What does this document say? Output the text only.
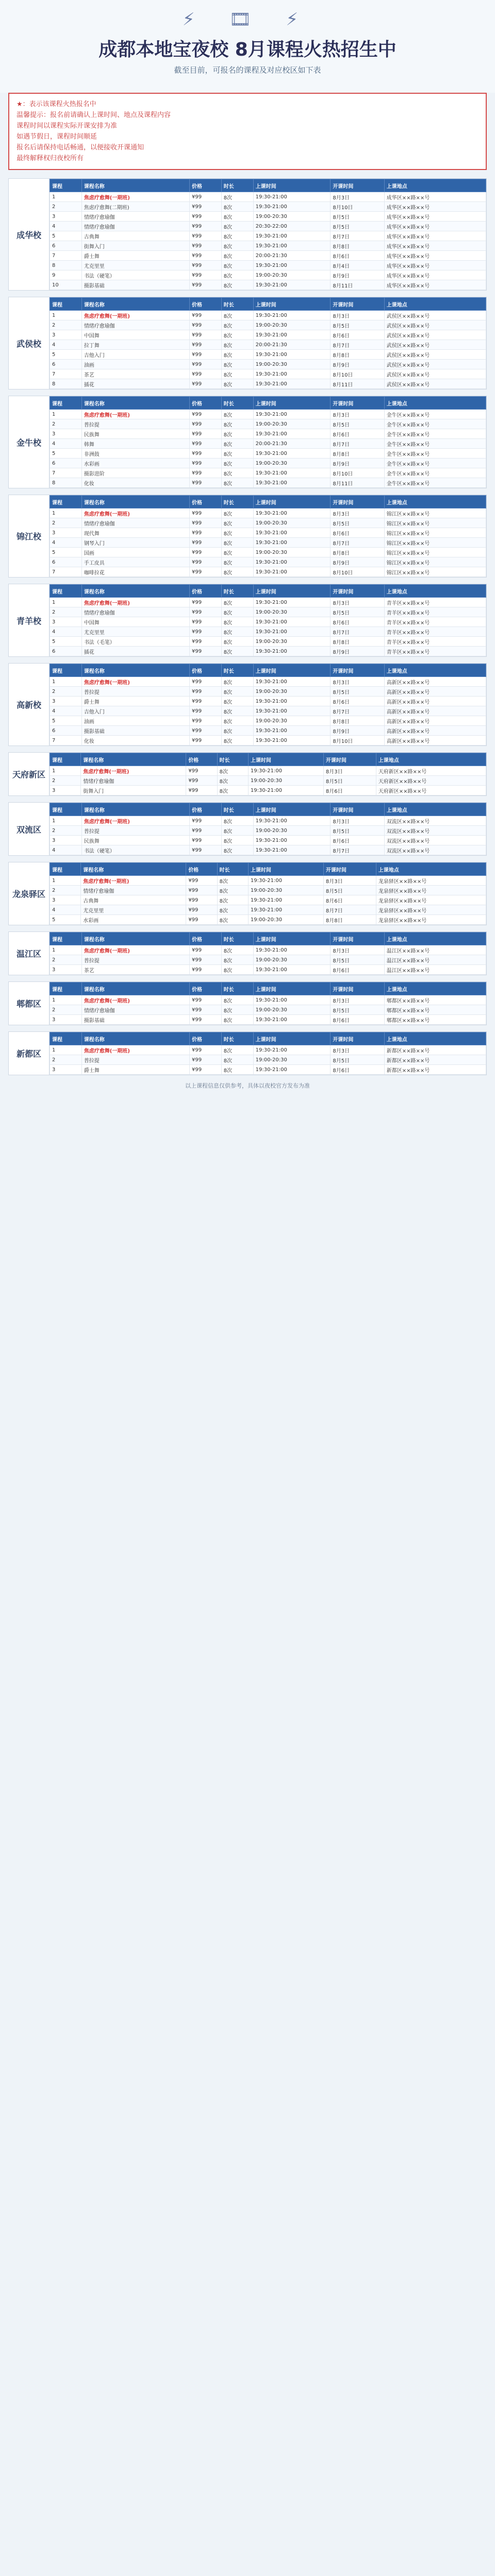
⚡ 🎞 ⚡
成都本地宝夜校 8月课程火热招生中
截至目前，可报名的课程及对应校区如下表
★：表示该课程火热报名中
温馨提示：报名前请确认上课时间、地点及课程内容
课程时间以课程实际开课安排为准
如遇节假日，课程时间顺延
报名后请保持电话畅通，以便接收开课通知
最终解释权归夜校所有
成华校
课程	课程名称	价格	时长	上课时间	开课时间	上课地点
1	焦虑疗愈舞(一期班)	¥99	8次	19:30-21:00	8月3日	成华区××路××号
2	焦虑疗愈舞(二期班)	¥99	8次	19:30-21:00	8月10日	成华区××路××号
3	情绪疗愈瑜伽	¥99	8次	19:00-20:30	8月5日	成华区××路××号
4	情绪疗愈瑜伽	¥99	8次	20:30-22:00	8月5日	成华区××路××号
5	古典舞	¥99	8次	19:30-21:00	8月7日	成华区××路××号
6	街舞入门	¥99	8次	19:30-21:00	8月8日	成华区××路××号
7	爵士舞	¥99	8次	20:00-21:30	8月6日	成华区××路××号
8	尤克里里	¥99	8次	19:30-21:00	8月4日	成华区××路××号
9	书法（硬笔）	¥99	8次	19:00-20:30	8月9日	成华区××路××号
10	摄影基础	¥99	8次	19:30-21:00	8月11日	成华区××路××号
武侯校
课程	课程名称	价格	时长	上课时间	开课时间	上课地点
1	焦虑疗愈舞(一期班)	¥99	8次	19:30-21:00	8月3日	武侯区××路××号
2	情绪疗愈瑜伽	¥99	8次	19:00-20:30	8月5日	武侯区××路××号
3	中国舞	¥99	8次	19:30-21:00	8月6日	武侯区××路××号
4	拉丁舞	¥99	8次	20:00-21:30	8月7日	武侯区××路××号
5	吉他入门	¥99	8次	19:30-21:00	8月8日	武侯区××路××号
6	油画	¥99	8次	19:00-20:30	8月9日	武侯区××路××号
7	茶艺	¥99	8次	19:30-21:00	8月10日	武侯区××路××号
8	插花	¥99	8次	19:30-21:00	8月11日	武侯区××路××号
金牛校
课程	课程名称	价格	时长	上课时间	开课时间	上课地点
1	焦虑疗愈舞(一期班)	¥99	8次	19:30-21:00	8月3日	金牛区××路××号
2	普拉提	¥99	8次	19:00-20:30	8月5日	金牛区××路××号
3	民族舞	¥99	8次	19:30-21:00	8月6日	金牛区××路××号
4	韩舞	¥99	8次	20:00-21:30	8月7日	金牛区××路××号
5	非洲鼓	¥99	8次	19:30-21:00	8月8日	金牛区××路××号
6	水彩画	¥99	8次	19:00-20:30	8月9日	金牛区××路××号
7	摄影进阶	¥99	8次	19:30-21:00	8月10日	金牛区××路××号
8	化妆	¥99	8次	19:30-21:00	8月11日	金牛区××路××号
锦江校
课程	课程名称	价格	时长	上课时间	开课时间	上课地点
1	焦虑疗愈舞(一期班)	¥99	8次	19:30-21:00	8月3日	锦江区××路××号
2	情绪疗愈瑜伽	¥99	8次	19:00-20:30	8月5日	锦江区××路××号
3	现代舞	¥99	8次	19:30-21:00	8月6日	锦江区××路××号
4	钢琴入门	¥99	8次	19:30-21:00	8月7日	锦江区××路××号
5	国画	¥99	8次	19:00-20:30	8月8日	锦江区××路××号
6	手工皮具	¥99	8次	19:30-21:00	8月9日	锦江区××路××号
7	咖啡拉花	¥99	8次	19:30-21:00	8月10日	锦江区××路××号
青羊校
课程	课程名称	价格	时长	上课时间	开课时间	上课地点
1	焦虑疗愈舞(一期班)	¥99	8次	19:30-21:00	8月3日	青羊区××路××号
2	情绪疗愈瑜伽	¥99	8次	19:00-20:30	8月5日	青羊区××路××号
3	中国舞	¥99	8次	19:30-21:00	8月6日	青羊区××路××号
4	尤克里里	¥99	8次	19:30-21:00	8月7日	青羊区××路××号
5	书法（毛笔）	¥99	8次	19:00-20:30	8月8日	青羊区××路××号
6	插花	¥99	8次	19:30-21:00	8月9日	青羊区××路××号
高新校
课程	课程名称	价格	时长	上课时间	开课时间	上课地点
1	焦虑疗愈舞(一期班)	¥99	8次	19:30-21:00	8月3日	高新区××路××号
2	普拉提	¥99	8次	19:00-20:30	8月5日	高新区××路××号
3	爵士舞	¥99	8次	19:30-21:00	8月6日	高新区××路××号
4	吉他入门	¥99	8次	19:30-21:00	8月7日	高新区××路××号
5	油画	¥99	8次	19:00-20:30	8月8日	高新区××路××号
6	摄影基础	¥99	8次	19:30-21:00	8月9日	高新区××路××号
7	化妆	¥99	8次	19:30-21:00	8月10日	高新区××路××号
天府新区
课程	课程名称	价格	时长	上课时间	开课时间	上课地点
1	焦虑疗愈舞(一期班)	¥99	8次	19:30-21:00	8月3日	天府新区××路××号
2	情绪疗愈瑜伽	¥99	8次	19:00-20:30	8月5日	天府新区××路××号
3	街舞入门	¥99	8次	19:30-21:00	8月6日	天府新区××路××号
双流区
课程	课程名称	价格	时长	上课时间	开课时间	上课地点
1	焦虑疗愈舞(一期班)	¥99	8次	19:30-21:00	8月3日	双流区××路××号
2	普拉提	¥99	8次	19:00-20:30	8月5日	双流区××路××号
3	民族舞	¥99	8次	19:30-21:00	8月6日	双流区××路××号
4	书法（硬笔）	¥99	8次	19:30-21:00	8月7日	双流区××路××号
龙泉驿区
课程	课程名称	价格	时长	上课时间	开课时间	上课地点
1	焦虑疗愈舞(一期班)	¥99	8次	19:30-21:00	8月3日	龙泉驿区××路××号
2	情绪疗愈瑜伽	¥99	8次	19:00-20:30	8月5日	龙泉驿区××路××号
3	古典舞	¥99	8次	19:30-21:00	8月6日	龙泉驿区××路××号
4	尤克里里	¥99	8次	19:30-21:00	8月7日	龙泉驿区××路××号
5	水彩画	¥99	8次	19:00-20:30	8月8日	龙泉驿区××路××号
温江区
课程	课程名称	价格	时长	上课时间	开课时间	上课地点
1	焦虑疗愈舞(一期班)	¥99	8次	19:30-21:00	8月3日	温江区××路××号
2	普拉提	¥99	8次	19:00-20:30	8月5日	温江区××路××号
3	茶艺	¥99	8次	19:30-21:00	8月6日	温江区××路××号
郫都区
课程	课程名称	价格	时长	上课时间	开课时间	上课地点
1	焦虑疗愈舞(一期班)	¥99	8次	19:30-21:00	8月3日	郫都区××路××号
2	情绪疗愈瑜伽	¥99	8次	19:00-20:30	8月5日	郫都区××路××号
3	摄影基础	¥99	8次	19:30-21:00	8月6日	郫都区××路××号
新都区
课程	课程名称	价格	时长	上课时间	开课时间	上课地点
1	焦虑疗愈舞(一期班)	¥99	8次	19:30-21:00	8月3日	新都区××路××号
2	普拉提	¥99	8次	19:00-20:30	8月5日	新都区××路××号
3	爵士舞	¥99	8次	19:30-21:00	8月6日	新都区××路××号
以上课程信息仅供参考，具体以夜校官方发布为准
